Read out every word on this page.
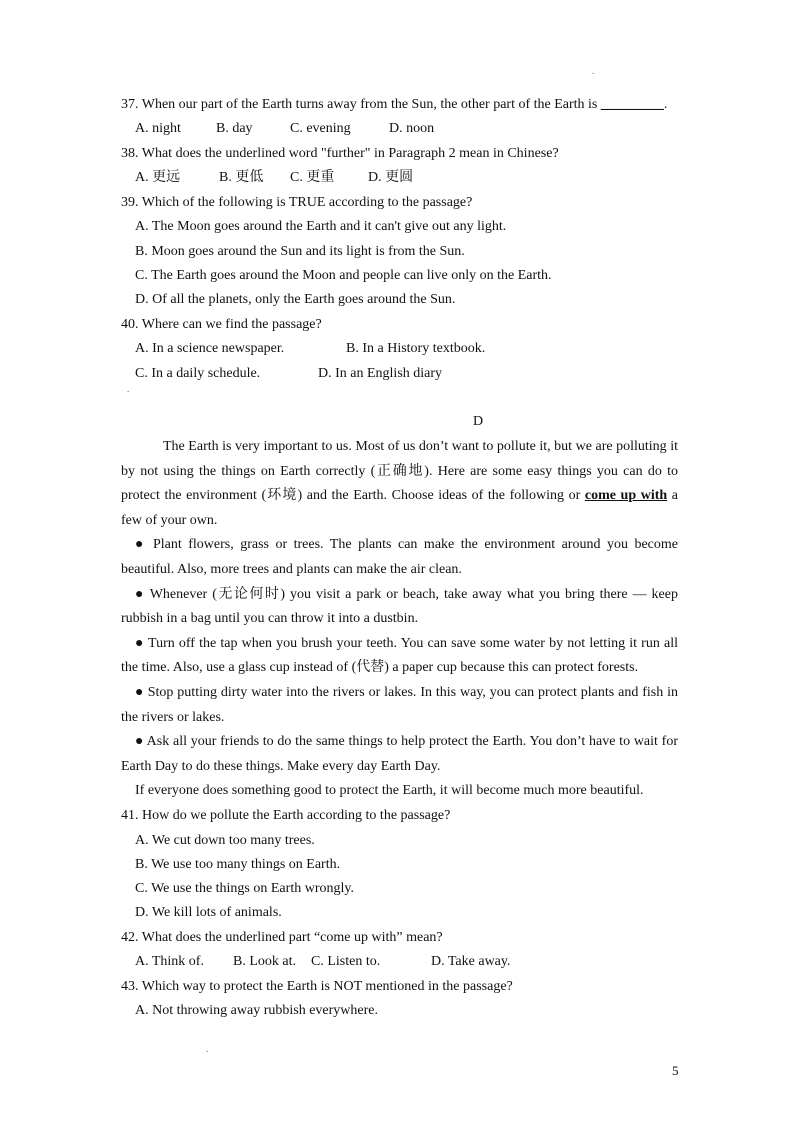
.
37. When our part of the Earth turns away from the Sun, the other part of the Earth is _________.
A. night	B. day	C. evening	D. noon
38. What does the underlined word "further" in Paragraph 2 mean in Chinese?
A. 更远	B. 更低 C. 更重 D. 更圆
39. Which of the following is TRUE according to the passage?
A. The Moon goes around the Earth and it can't give out any light.
B. Moon goes around the Sun and its light is from the Sun.
C. The Earth goes around the Moon and people can live only on the Earth.
D. Of all the planets, only the Earth goes around the Sun.
40. Where can we find the passage?
A. In a science newspaper.	B. In a History textbook.
C. In a daily schedule.	D. In an English diary
.
D

The Earth is very important to us. Most of us don’t want to pollute it, but we are polluting it by not using the things on Earth correctly (正确地). Here are some easy things you can do to protect the environment (环境) and the Earth. Choose ideas of the following or come up with a few of your own.

● Plant flowers, grass or trees. The plants can make the environment around you become beautiful. Also, more trees and plants can make the air clean.

● Whenever (无论何时) you visit a park or beach, take away what you bring there — keep rubbish in a bag until you can throw it into a dustbin.

● Turn off the tap when you brush your teeth. You can save some water by not letting it run all the time. Also, use a glass cup instead of (代替) a paper cup because this can protect forests.

● Stop putting dirty water into the rivers or lakes. In this way, you can protect plants and fish in the rivers or lakes.

● Ask all your friends to do the same things to help protect the Earth. You don’t have to wait for Earth Day to do these things. Make every day Earth Day.

If everyone does something good to protect the Earth, it will become much more beautiful.

41. How do we pollute the Earth according to the passage?
A. We cut down too many trees.
B. We use too many things on Earth.
C. We use the things on Earth wrongly.
D. We kill lots of animals.
42. What does the underlined part “come up with” mean?
A. Think of. B. Look at. C. Listen to.	D. Take away.
43. Which way to protect the Earth is NOT mentioned in the passage?
A. Not throwing away rubbish everywhere.
.
5
